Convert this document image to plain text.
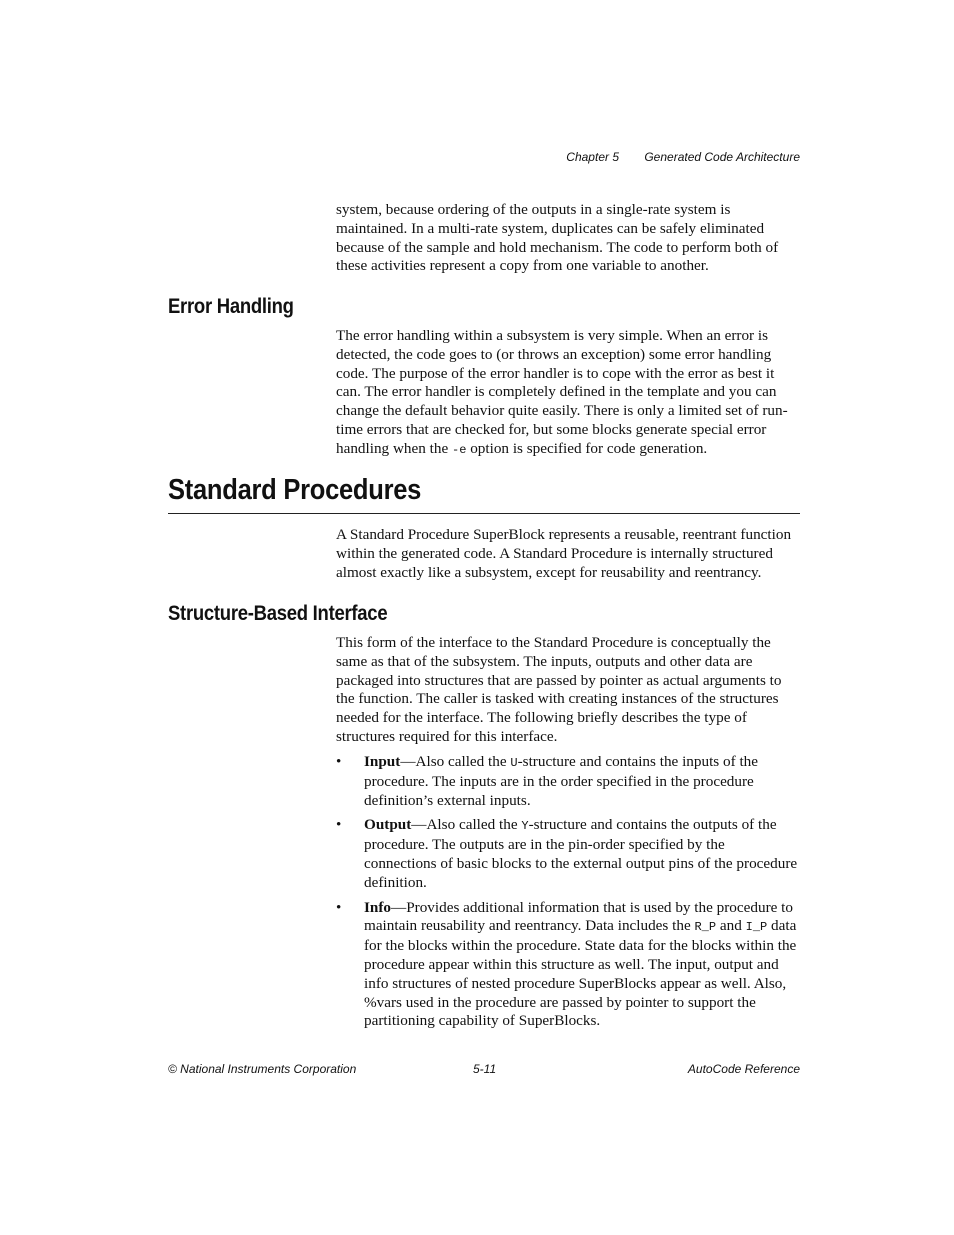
Chapter 5 Generated Code Architecture

system, because ordering of the outputs in a single-rate system is maintained. In a multi-rate system, duplicates can be safely eliminated because of the sample and hold mechanism. The code to perform both of these activities represent a copy from one variable to another.

Error Handling

The error handling within a subsystem is very simple. When an error is detected, the code goes to (or throws an exception) some error handling code. The purpose of the error handler is to cope with the error as best it can. The error handler is completely defined in the template and you can change the default behavior quite easily. There is only a limited set of run-time errors that are checked for, but some blocks generate special error handling when the -e option is specified for code generation.

Standard Procedures

A Standard Procedure SuperBlock represents a reusable, reentrant function within the generated code. A Standard Procedure is internally structured almost exactly like a subsystem, except for reusability and reentrancy.

Structure-Based Interface

This form of the interface to the Standard Procedure is conceptually the same as that of the subsystem. The inputs, outputs and other data are packaged into structures that are passed by pointer as actual arguments to the function. The caller is tasked with creating instances of the structures needed for the interface. The following briefly describes the type of structures required for this interface.

• Input—Also called the U-structure and contains the inputs of the procedure. The inputs are in the order specified in the procedure definition’s external inputs.
• Output—Also called the Y-structure and contains the outputs of the procedure. The outputs are in the pin-order specified by the connections of basic blocks to the external output pins of the procedure definition.
• Info—Provides additional information that is used by the procedure to maintain reusability and reentrancy. Data includes the R_P and I_P data for the blocks within the procedure. State data for the blocks within the procedure appear within this structure as well. The input, output and info structures of nested procedure SuperBlocks appear as well. Also, %vars used in the procedure are passed by pointer to support the partitioning capability of SuperBlocks.
© National Instruments Corporation	5-11	AutoCode Reference
